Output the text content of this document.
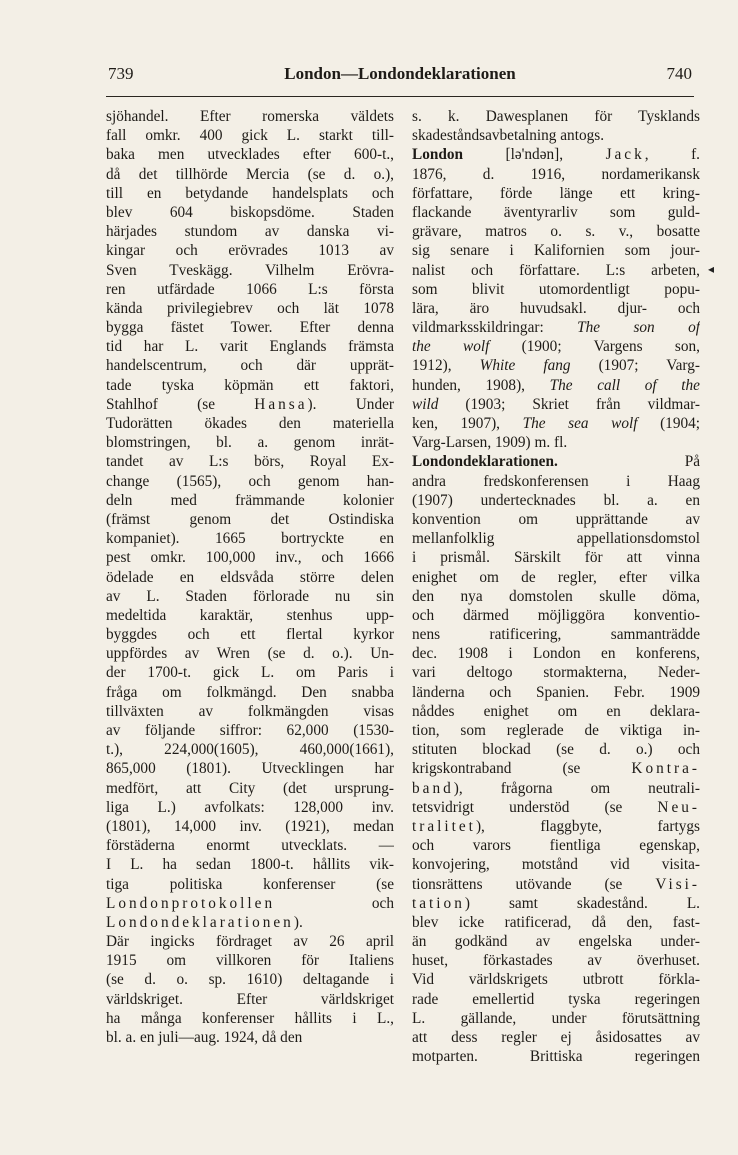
739	London—Londondeklarationen	740
sjöhandel. Efter romerska väldets
fall omkr. 400 gick L. starkt till-
baka men utvecklades efter 600-t.,
då det tillhörde Mercia (se d. o.),
till en betydande handelsplats och
blev 604 biskopsdöme. Staden
härjades stundom av danska vi-
kingar och erövrades 1013 av
Sven Tveskägg. Vilhelm Erövra-
ren utfärdade 1066 L:s första
kända privilegiebrev och lät 1078
bygga fästet Tower. Efter denna
tid har L. varit Englands främsta
handelscentrum, och där upprät-
tade tyska köpmän ett faktori,
Stahlhof (se Hansa). Under
Tudorätten ökades den materiella
blomstringen, bl. a. genom inrät-
tandet av L:s börs, Royal Ex-
change (1565), och genom han-
deln med främmande kolonier
(främst genom det Ostindiska
kompaniet). 1665 bortryckte en
pest omkr. 100,000 inv., och 1666
ödelade en eldsvåda större delen
av L. Staden förlorade nu sin
medeltida karaktär, stenhus upp-
byggdes och ett flertal kyrkor
uppfördes av Wren (se d. o.). Un-
der 1700-t. gick L. om Paris i
fråga om folkmängd. Den snabba
tillväxten av folkmängden visas
av följande siffror: 62,000 (1530-
t.), 224,000(1605), 460,000(1661),
865,000 (1801). Utvecklingen har
medfört, att City (det ursprung-
liga L.) avfolkats: 128,000 inv.
(1801), 14,000 inv. (1921), medan
förstäderna enormt utvecklats. —
I L. ha sedan 1800-t. hållits vik-
tiga politiska konferenser (se
Londonprotokollen och
Londondeklarationen).
Där ingicks fördraget av 26 april
1915 om villkoren för Italiens
(se d. o. sp. 1610) deltagande i
världskriget. Efter världskriget
ha många konferenser hållits i L.,
bl. a. en juli—aug. 1924, då den
s. k. Dawesplanen för Tysklands
skadeståndsavbetalning antogs.
London [lə'ndən], Jack, f.
1876, d. 1916, nordamerikansk
författare, förde länge ett kring-
flackande äventyrarliv som guld-
grävare, matros o. s. v., bosatte
sig senare i Kalifornien som jour-
nalist och författare. L:s arbeten,
som blivit utomordentligt popu-
lära, äro huvudsakl. djur- och
vildmarksskildringar: The son of
the wolf (1900; Vargens son,
1912), White fang (1907; Varg-
hunden, 1908), The call of the
wild (1903; Skriet från vildmar-
ken, 1907), The sea wolf (1904;
Varg-Larsen, 1909) m. fl.
Londondeklarationen. På
andra fredskonferensen i Haag
(1907) undertecknades bl. a. en
konvention om upprättande av
mellanfolklig appellationsdomstol
i prismål. Särskilt för att vinna
enighet om de regler, efter vilka
den nya domstolen skulle döma,
och därmed möjliggöra konventio-
nens ratificering, sammanträdde
dec. 1908 i London en konferens,
vari deltogo stormakterna, Neder-
länderna och Spanien. Febr. 1909
nåddes enighet om en deklara-
tion, som reglerade de viktiga in-
stituten blockad (se d. o.) och
krigskontraband (se Kontra-
band), frågorna om neutrali-
tetsvidrigt understöd (se Neu-
tralitet), flaggbyte, fartygs
och varors fientliga egenskap,
konvojering, motstånd vid visita-
tionsrättens utövande (se Visi-
tation) samt skadestånd. L.
blev icke ratificerad, då den, fast-
än godkänd av engelska under-
huset, förkastades av överhuset.
Vid världskrigets utbrott förkla-
rade emellertid tyska regeringen
L. gällande, under förutsättning
att dess regler ej åsidosattes av
motparten. Brittiska regeringen
◂
